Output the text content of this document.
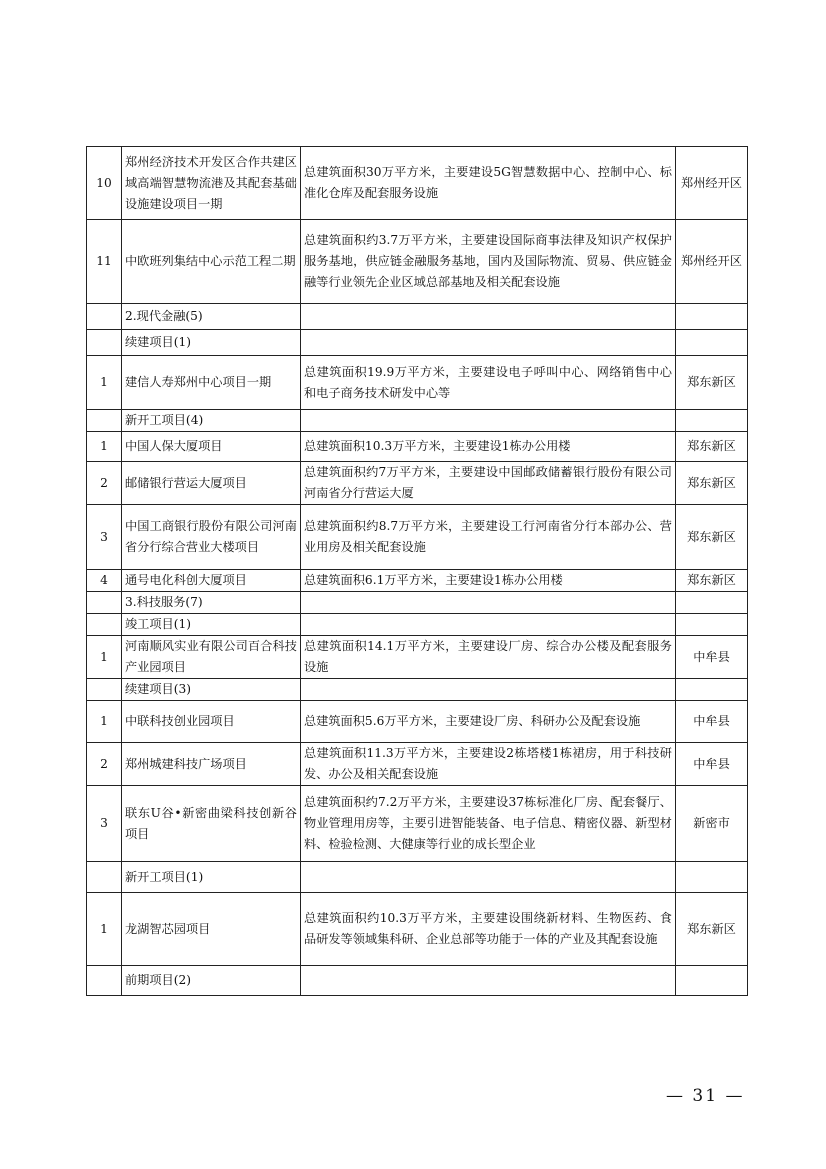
10	郑州经济技术开发区合作共建区域高端智慧物流港及其配套基础设施建设项目一期	总建筑面积30万平方米，主要建设5G智慧数据中心、控制中心、标准化仓库及配套服务设施	郑州经开区
11	中欧班列集结中心示范工程二期	总建筑面积约3.7万平方米，主要建设国际商事法律及知识产权保护服务基地，供应链金融服务基地，国内及国际物流、贸易、供应链金融等行业领先企业区域总部基地及相关配套设施	郑州经开区
	2.现代金融(5)		
	续建项目(1)		
1	建信人寿郑州中心项目一期	总建筑面积19.9万平方米，主要建设电子呼叫中心、网络销售中心和电子商务技术研发中心等	郑东新区
	新开工项目(4)		
1	中国人保大厦项目	总建筑面积10.3万平方米，主要建设1栋办公用楼	郑东新区
2	邮储银行营运大厦项目	总建筑面积约7万平方米，主要建设中国邮政储蓄银行股份有限公司河南省分行营运大厦	郑东新区
3	中国工商银行股份有限公司河南省分行综合营业大楼项目	总建筑面积约8.7万平方米，主要建设工行河南省分行本部办公、营业用房及相关配套设施	郑东新区
4	通号电化科创大厦项目	总建筑面积6.1万平方米，主要建设1栋办公用楼	郑东新区
	3.科技服务(7)		
	竣工项目(1)		
1	河南顺风实业有限公司百合科技产业园项目	总建筑面积14.1万平方米，主要建设厂房、综合办公楼及配套服务设施	中牟县
	续建项目(3)		
1	中联科技创业园项目	总建筑面积5.6万平方米，主要建设厂房、科研办公及配套设施	中牟县
2	郑州城建科技广场项目	总建筑面积11.3万平方米，主要建设2栋塔楼1栋裙房，用于科技研发、办公及相关配套设施	中牟县
3	联东U谷•新密曲梁科技创新谷项目	总建筑面积约7.2万平方米，主要建设37栋标准化厂房、配套餐厅、物业管理用房等，主要引进智能装备、电子信息、精密仪器、新型材料、检验检测、大健康等行业的成长型企业	新密市
	新开工项目(1)		
1	龙湖智芯园项目	总建筑面积约10.3万平方米，主要建设围绕新材料、生物医药、食品研发等领域集科研、企业总部等功能于一体的产业及其配套设施	郑东新区
	前期项目(2)		
— 31 —
